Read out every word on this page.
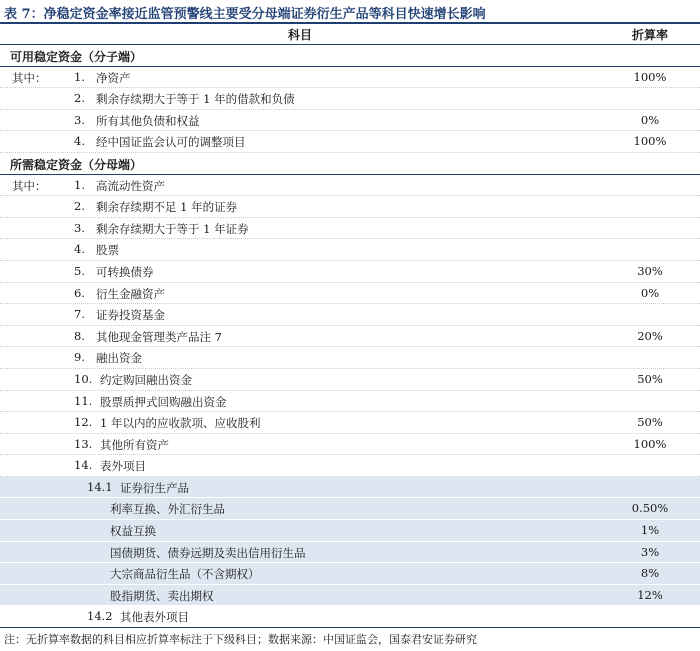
表 7：净稳定资金率接近监管预警线主要受分母端证券衍生产品等科目快速增长影响
科目	折算率
可用稳定资金（分子端）
其中： 1. 净资产	100%
2. 剩余存续期大于等于 1 年的借款和负债
3. 所有其他负债和权益	0%
4. 经中国证监会认可的调整项目	100%
所需稳定资金（分母端）
其中： 1. 高流动性资产
2. 剩余存续期不足 1 年的证券
3. 剩余存续期大于等于 1 年证券
4. 股票
5. 可转换债券	30%
6. 衍生金融资产	0%
7. 证券投资基金
8. 其他现金管理类产品注 7	20%
9. 融出资金
10. 约定购回融出资金	50%
11. 股票质押式回购融出资金
12. 1 年以内的应收款项、应收股利	50%
13. 其他所有资产	100%
14. 表外项目
14.1 证券衍生产品
利率互换、外汇衍生品	0.50%
权益互换	1%
国债期货、债券远期及卖出信用衍生品	3%
大宗商品衍生品（不含期权）	8%
股指期货、卖出期权	12%
14.2 其他表外项目
注：无折算率数据的科目相应折算率标注于下级科目；数据来源：中国证监会，国泰君安证券研究
